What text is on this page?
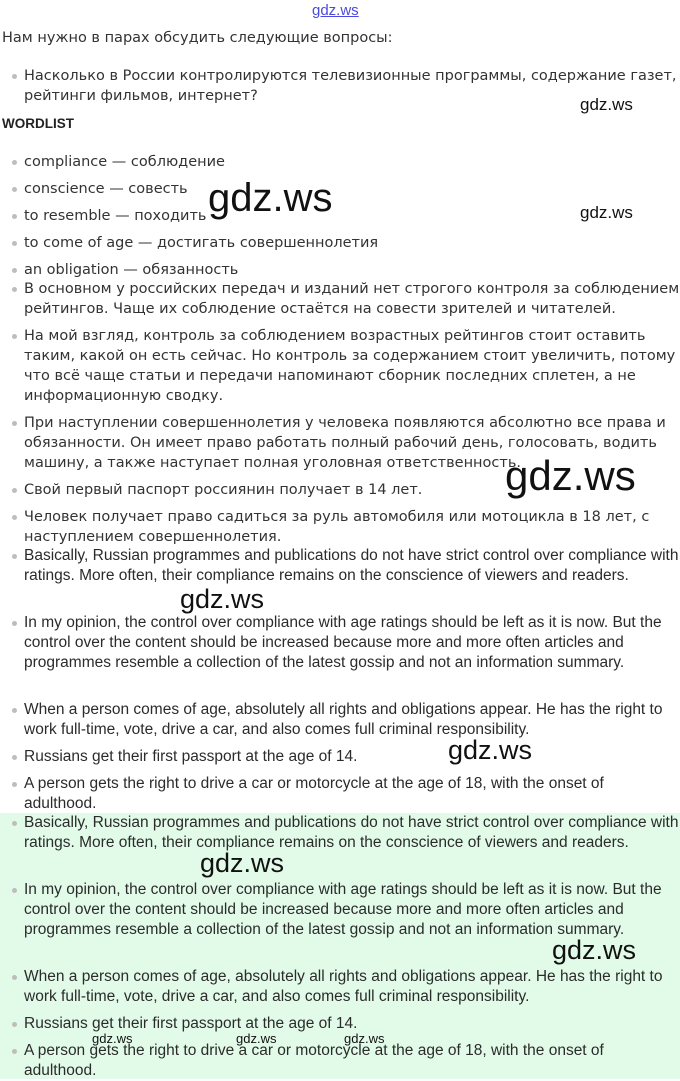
gdz.ws
Нам нужно в парах обсудить следующие вопросы:
Насколько в России контролируются телевизионные программы, содержание газет, рейтинги фильмов, интернет?
WORDLIST
compliance — соблюдение
conscience — совесть
to resemble — походить
to come of age — достигать совершеннолетия
an obligation — обязанность
В основном у российских передач и изданий нет строгого контроля за соблюдением рейтингов. Чаще их соблюдение остаётся на совести зрителей и читателей.
На мой взгляд, контроль за соблюдением возрастных рейтингов стоит оставить таким, какой он есть сейчас. Но контроль за содержанием стоит увеличить, потому что всё чаще статьи и передачи напоминают сборник последних сплетен, а не информационную сводку.
При наступлении совершеннолетия у человека появляются абсолютно все права и обязанности. Он имеет право работать полный рабочий день, голосовать, водить машину, а также наступает полная уголовная ответственность.
Свой первый паспорт россиянин получает в 14 лет.
Человек получает право садиться за руль автомобиля или мотоцикла в 18 лет, с наступлением совершеннолетия.
Basically, Russian programmes and publications do not have strict control over compliance with ratings. More often, their compliance remains on the conscience of viewers and readers.
In my opinion, the control over compliance with age ratings should be left as it is now. But the control over the content should be increased because more and more often articles and programmes resemble a collection of the latest gossip and not an information summary.
When a person comes of age, absolutely all rights and obligations appear. He has the right to work full-time, vote, drive a car, and also comes full criminal responsibility.
Russians get their first passport at the age of 14.
A person gets the right to drive a car or motorcycle at the age of 18, with the onset of adulthood.
Basically, Russian programmes and publications do not have strict control over compliance with ratings. More often, their compliance remains on the conscience of viewers and readers.
In my opinion, the control over compliance with age ratings should be left as it is now. But the control over the content should be increased because more and more often articles and programmes resemble a collection of the latest gossip and not an information summary.
When a person comes of age, absolutely all rights and obligations appear. He has the right to work full-time, vote, drive a car, and also comes full criminal responsibility.
Russians get their first passport at the age of 14.
A person gets the right to drive a car or motorcycle at the age of 18, with the onset of adulthood.
gdz.ws
gdz.ws	gdz.ws
gdz.ws
gdz.ws
gdz.ws
gdz.ws
gdz.ws
gdz.ws	gdz.ws	gdz.ws
